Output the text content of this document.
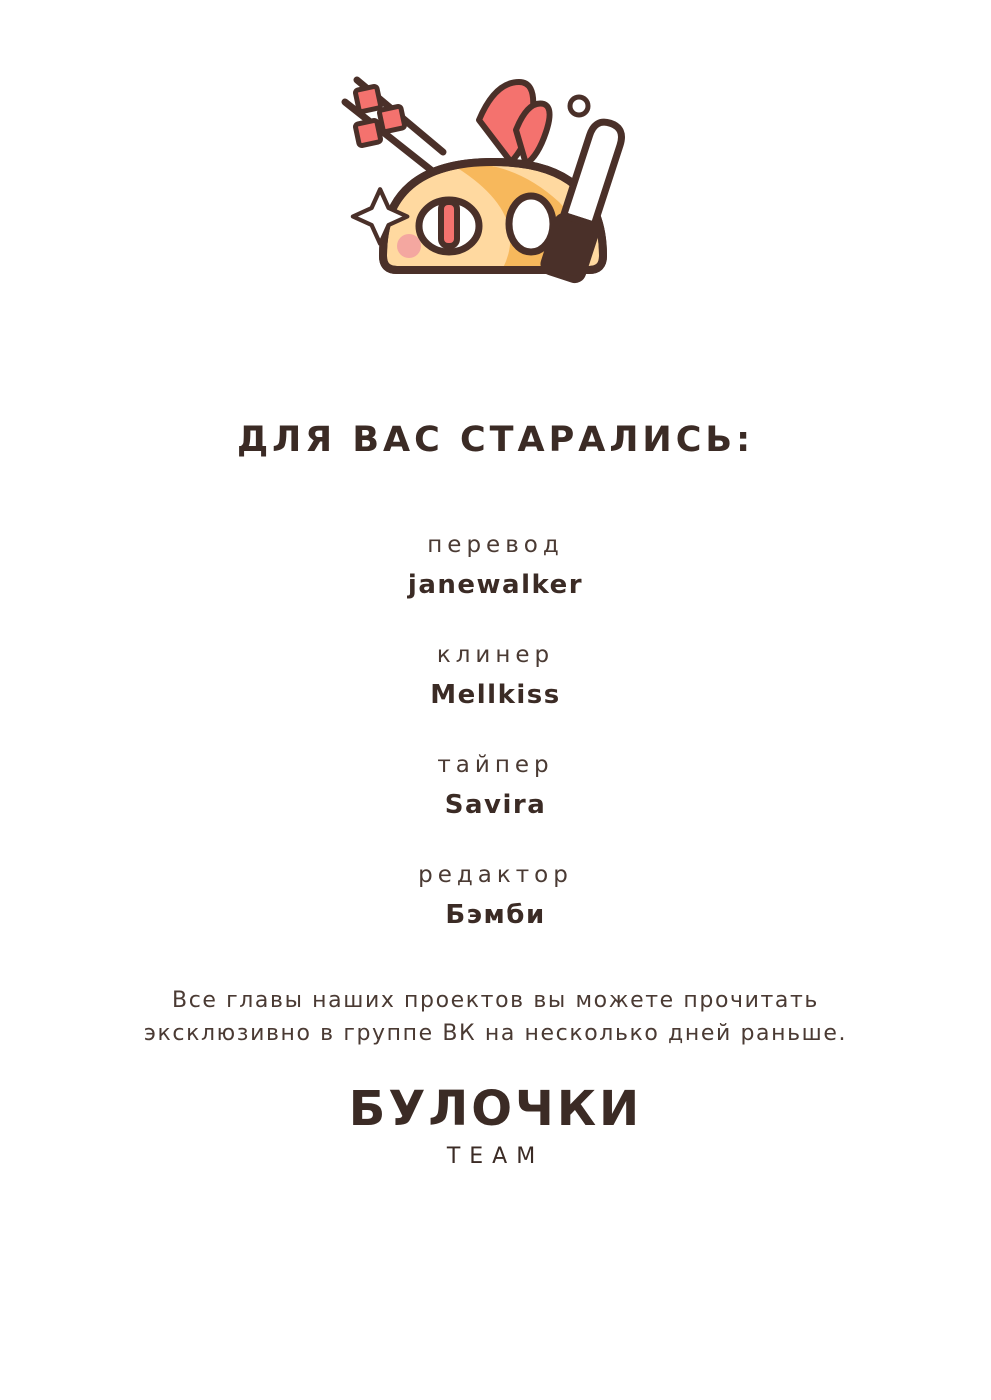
ДЛЯ ВАС СТАРАЛИСЬ:
перевод
janewalker
клинер
Mellkiss
тайпер
Savira
редактор
Бэмби
Все главы наших проектов вы можете прочитать
эксклюзивно в группе ВК на несколько дней раньше.
БУЛОЧКИ
TEAM
